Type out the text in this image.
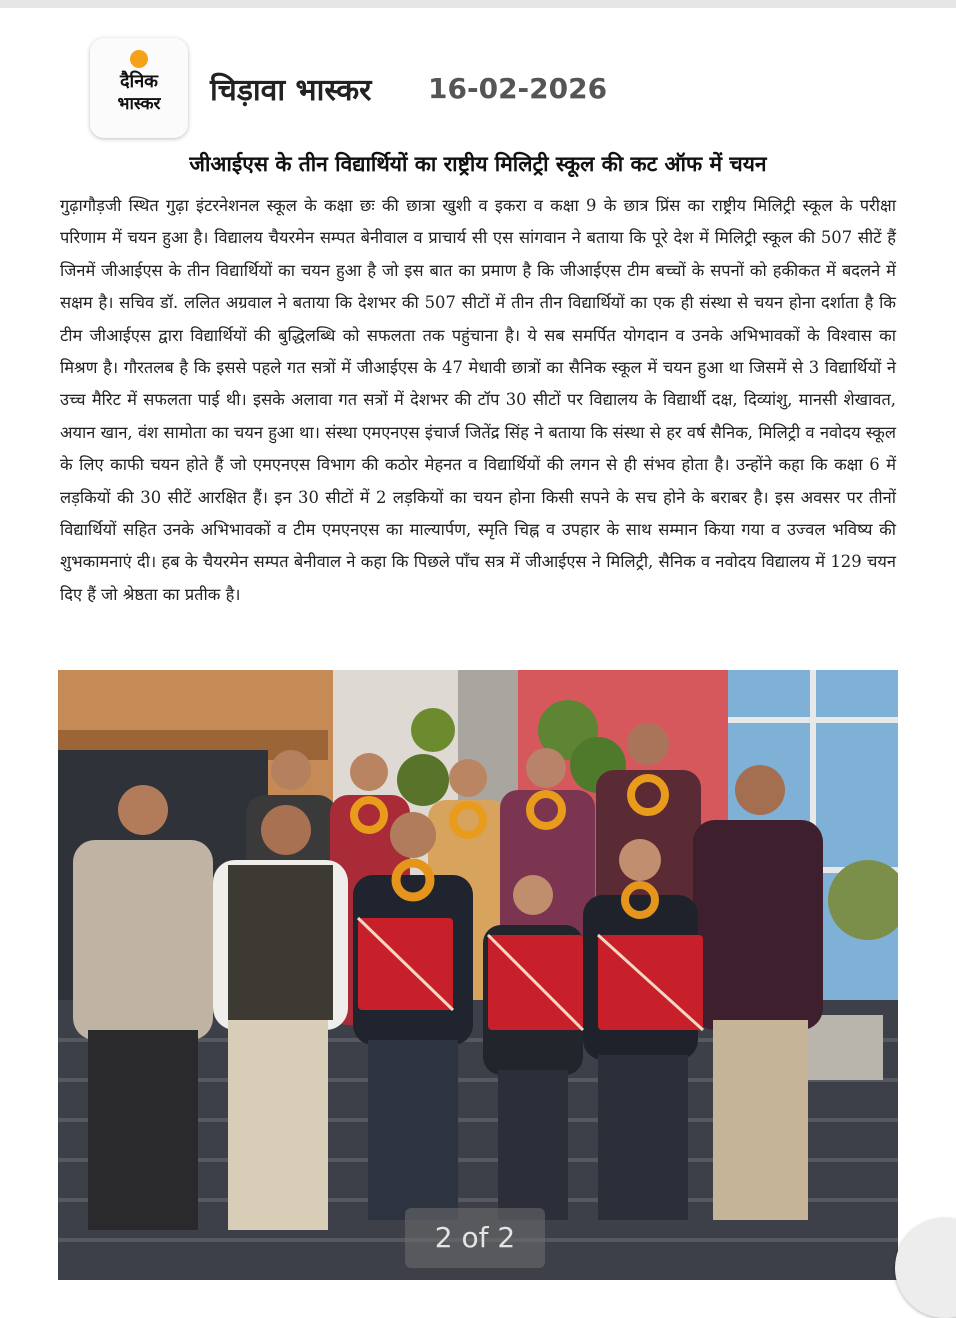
दैनिक
भास्कर	चिड़ावा भास्कर 16-02-2026
जीआईएस के तीन विद्यार्थियों का राष्ट्रीय मिलिट्री स्कूल की कट ऑफ में चयन
गुढ़ागौड़जी स्थित गुढ़ा इंटरनेशनल स्कूल के कक्षा छः की छात्रा खुशी व इकरा व कक्षा 9 के छात्र प्रिंस का राष्ट्रीय मिलिट्री स्कूल के परीक्षा परिणाम में चयन हुआ है। विद्यालय चैयरमेन सम्पत बेनीवाल व प्राचार्य सी एस सांगवान ने बताया कि पूरे देश में मिलिट्री स्कूल की 507 सीटें हैं जिनमें जीआईएस के तीन विद्यार्थियों का चयन हुआ है जो इस बात का प्रमाण है कि जीआईएस टीम बच्चों के सपनों को हकीकत में बदलने में सक्षम है। सचिव डॉ. ललित अग्रवाल ने बताया कि देशभर की 507 सीटों में तीन तीन विद्यार्थियों का एक ही संस्था से चयन होना दर्शाता है कि टीम जीआईएस द्वारा विद्यार्थियों की बुद्धिलब्धि को सफलता तक पहुंचाना है। ये सब समर्पित योगदान व उनके अभिभावकों के विश्वास का मिश्रण है। गौरतलब है कि इससे पहले गत सत्रों में जीआईएस के 47 मेधावी छात्रों का सैनिक स्कूल में चयन हुआ था जिसमें से 3 विद्यार्थियों ने उच्च मैरिट में सफलता पाई थी। इसके अलावा गत सत्रों में देशभर की टॉप 30 सीटों पर विद्यालय के विद्यार्थी दक्ष, दिव्यांशु, मानसी शेखावत, अयान खान, वंश सामोता का चयन हुआ था। संस्था एमएनएस इंचार्ज जितेंद्र सिंह ने बताया कि संस्था से हर वर्ष सैनिक, मिलिट्री व नवोदय स्कूल के लिए काफी चयन होते हैं जो एमएनएस विभाग की कठोर मेहनत व विद्यार्थियों की लगन से ही संभव होता है। उन्होंने कहा कि कक्षा 6 में लड़कियों की 30 सीटें आरक्षित हैं। इन 30 सीटों में 2 लड़कियों का चयन होना किसी सपने के सच होने के बराबर है। इस अवसर पर तीनों विद्यार्थियों सहित उनके अभिभावकों व टीम एमएनएस का माल्यार्पण, स्मृति चिह्न व उपहार के साथ सम्मान किया गया व उज्वल भविष्य की शुभकामनाएं दी। हब के चैयरमेन सम्पत बेनीवाल ने कहा कि पिछले पाँच सत्र में जीआईएस ने मिलिट्री, सैनिक व नवोदय विद्यालय में 129 चयन दिए हैं जो श्रेष्ठता का प्रतीक है।
2 of 2
